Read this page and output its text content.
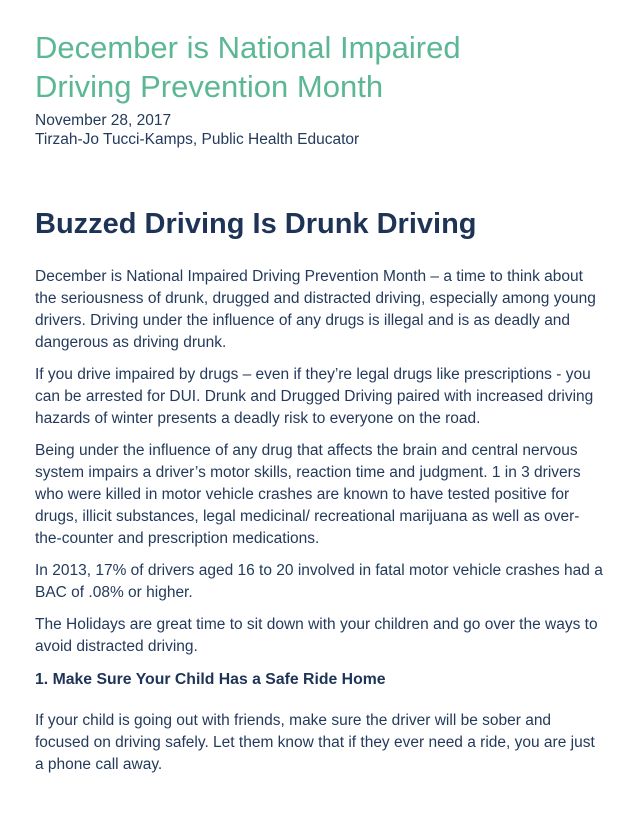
December is National Impaired Driving Prevention Month
November 28, 2017
Tirzah-Jo Tucci-Kamps, Public Health Educator
Buzzed Driving Is Drunk Driving

December is National Impaired Driving Prevention Month – a time to think about the seriousness of drunk, drugged and distracted driving, especially among young drivers. Driving under the influence of any drugs is illegal and is as deadly and dangerous as driving drunk.

If you drive impaired by drugs – even if they’re legal drugs like prescriptions - you can be arrested for DUI. Drunk and Drugged Driving paired with increased driving hazards of winter presents a deadly risk to everyone on the road.

Being under the influence of any drug that affects the brain and central nervous system impairs a driver’s motor skills, reaction time and judgment. 1 in 3 drivers who were killed in motor vehicle crashes are known to have tested positive for drugs, illicit substances, legal medicinal/ recreational marijuana as well as over-the-counter and prescription medications.

In 2013, 17% of drivers aged 16 to 20 involved in fatal motor vehicle crashes had a BAC of .08% or higher.

The Holidays are great time to sit down with your children and go over the ways to avoid distracted driving.

1. Make Sure Your Child Has a Safe Ride Home

If your child is going out with friends, make sure the driver will be sober and focused on driving safely. Let them know that if they ever need a ride, you are just a phone call away.
